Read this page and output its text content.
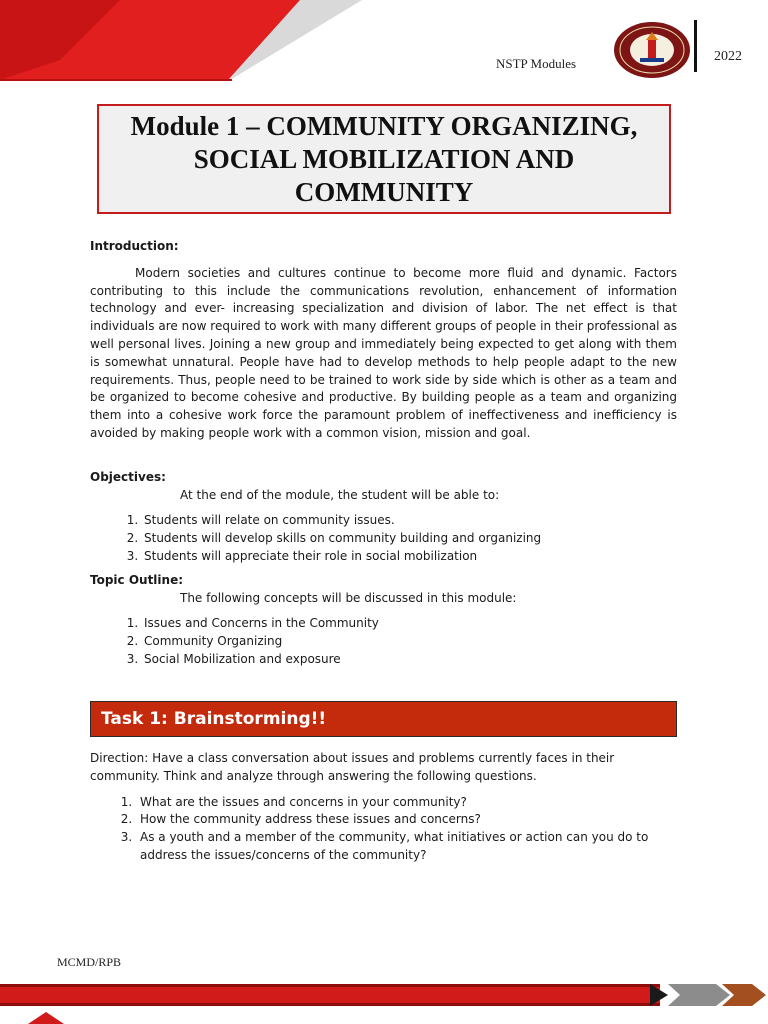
NSTP Modules	2022
Module 1 – COMMUNITY ORGANIZING, SOCIAL MOBILIZATION AND COMMUNITY

Introduction:

Modern societies and cultures continue to become more fluid and dynamic. Factors contributing to this include the communications revolution, enhancement of information technology and ever- increasing specialization and division of labor. The net effect is that individuals are now required to work with many different groups of people in their professional as well personal lives. Joining a new group and immediately being expected to get along with them is somewhat unnatural. People have had to develop methods to help people adapt to the new requirements. Thus, people need to be trained to work side by side which is other as a team and be organized to become cohesive and productive. By building people as a team and organizing them into a cohesive work force the paramount problem of ineffectiveness and inefficiency is avoided by making people work with a common vision, mission and goal.

Objectives:

At the end of the module, the student will be able to:

1. Students will relate on community issues.
2. Students will develop skills on community building and organizing
3. Students will appreciate their role in social mobilization

Topic Outline:

The following concepts will be discussed in this module:

1. Issues and Concerns in the Community
2. Community Organizing
3. Social Mobilization and exposure
Task 1: Brainstorming!!

Direction: Have a class conversation about issues and problems currently faces in their community. Think and analyze through answering the following questions.

1. What are the issues and concerns in your community?
2. How the community address these issues and concerns?
3. As a youth and a member of the community, what initiatives or action can you do to address the issues/concerns of the community?
MCMD/RPB
